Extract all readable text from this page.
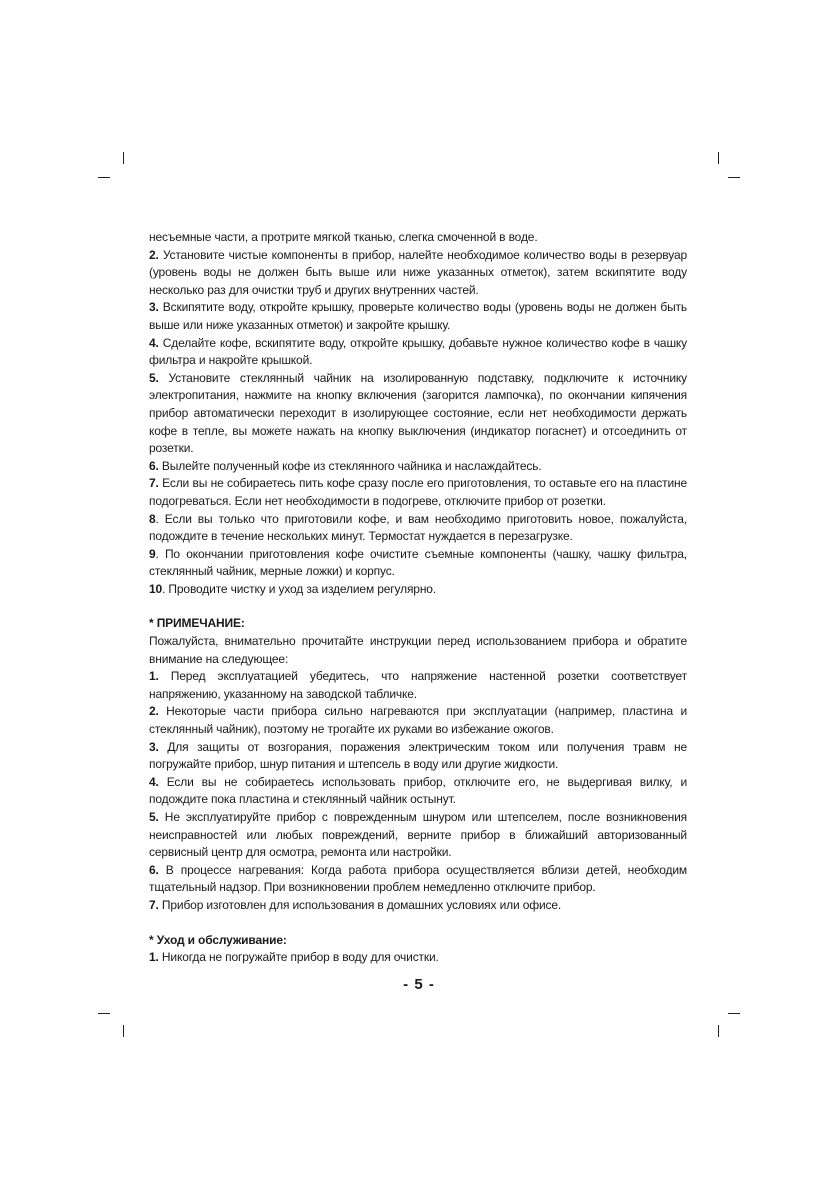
несъемные части, а протрите мягкой тканью, слегка смоченной в воде.

2. Установите чистые компоненты в прибор, налейте необходимое количество воды в резервуар (уровень воды не должен быть выше или ниже указанных отметок), затем вскипятите воду несколько раз для очистки труб и других внутренних частей.

3. Вскипятите воду, откройте крышку, проверьте количество воды (уровень воды не должен быть выше или ниже указанных отметок) и закройте крышку.

4. Сделайте кофе, вскипятите воду, откройте крышку, добавьте нужное количество кофе в чашку фильтра и накройте крышкой.

5. Установите стеклянный чайник на изолированную подставку, подключите к источнику электропитания, нажмите на кнопку включения (загорится лампочка), по окончании кипячения прибор автоматически переходит в изолирующее состояние, если нет необходимости держать кофе в тепле, вы можете нажать на кнопку выключения (индикатор погаснет) и отсоединить от розетки.

6. Вылейте полученный кофе из стеклянного чайника и наслаждайтесь.

7. Если вы не собираетесь пить кофе сразу после его приготовления, то оставьте его на пластине подогреваться. Если нет необходимости в подогреве, отключите прибор от розетки.

8. Если вы только что приготовили кофе, и вам необходимо приготовить новое, пожалуйста, подождите в течение нескольких минут. Термостат нуждается в перезагрузке.

9. По окончании приготовления кофе очистите съемные компоненты (чашку, чашку фильтра, стеклянный чайник, мерные ложки) и корпус.

10. Проводите чистку и уход за изделием регулярно.

* ПРИМЕЧАНИЕ:

Пожалуйста, внимательно прочитайте инструкции перед использованием прибора и обратите внимание на следующее:

1. Перед эксплуатацией убедитесь, что напряжение настенной розетки соответствует напряжению, указанному на заводской табличке.

2. Некоторые части прибора сильно нагреваются при эксплуатации (например, пластина и стеклянный чайник), поэтому не трогайте их руками во избежание ожогов.

3. Для защиты от возгорания, поражения электрическим током или получения травм не погружайте прибор, шнур питания и штепсель в воду или другие жидкости.

4. Если вы не собираетесь использовать прибор, отключите его, не выдергивая вилку, и подождите пока пластина и стеклянный чайник остынут.

5. Не эксплуатируйте прибор с поврежденным шнуром или штепселем, после возникновения неисправностей или любых повреждений, верните прибор в ближайший авторизованный сервисный центр для осмотра, ремонта или настройки.

6. В процессе нагревания: Когда работа прибора осуществляется вблизи детей, необходим тщательный надзор. При возникновении проблем немедленно отключите прибор.

7. Прибор изготовлен для использования в домашних условиях или офисе.

* Уход и обслуживание:

1. Никогда не погружайте прибор в воду для очистки.

- 5 -
